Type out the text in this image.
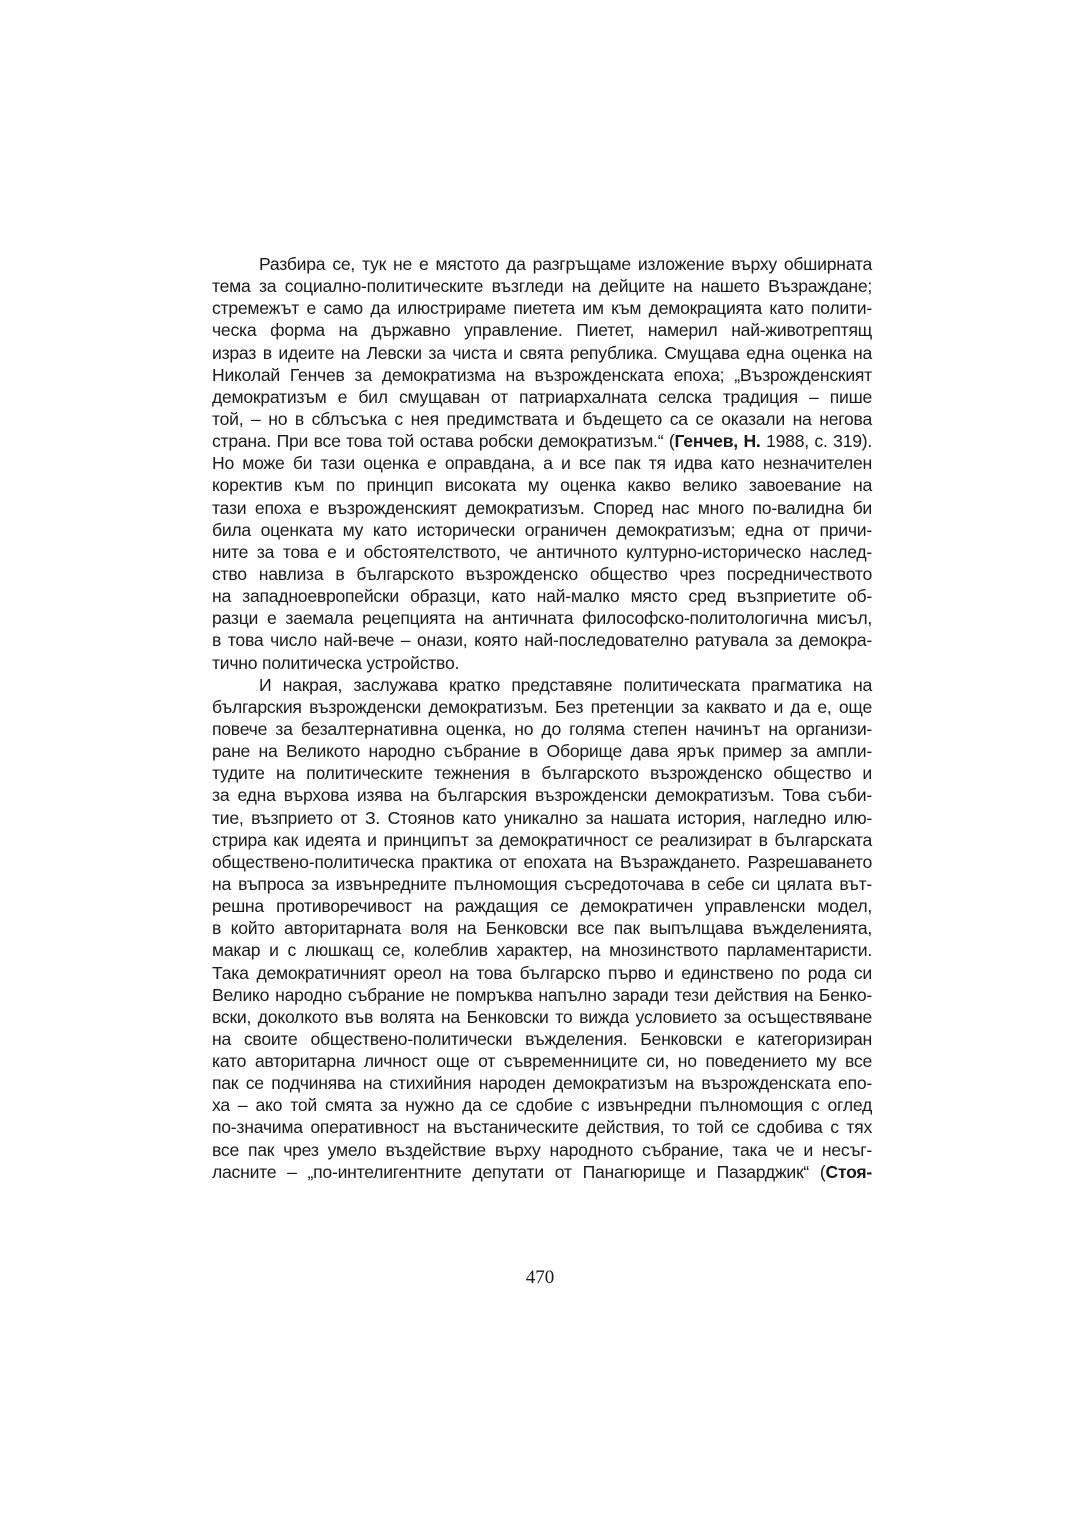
Разбира се, тук не е мястото да разгръщаме изложение върху обширната
тема за социално-политическите възгледи на дейците на нашето Възраждане;
стремежът е само да илюстрираме пиетета им към демокрацията като полити-
ческа форма на държавно управление. Пиетет, намерил най-животрептящ
израз в идеите на Левски за чиста и свята република. Смущава една оценка на
Николай Генчев за демократизма на възрожденската епоха; „Възрожденският
демократизъм е бил смущаван от патриархалната селска традиция – пише
той, – но в сблъсъка с нея предимствата и бъдещето са се оказали на негова
страна. При все това той остава робски демократизъм.“ (Генчев, Н. 1988, с. 319).
Но може би тази оценка е оправдана, а и все пак тя идва като незначителен
коректив към по принцип високата му оценка какво велико завоевание на
тази епоха е възрожденският демократизъм. Според нас много по-валидна би
била оценката му като исторически ограничен демократизъм; една от причи-
ните за това е и обстоятелството, че античното културно-историческо наслед-
ство навлиза в българското възрожденско общество чрез посредничеството
на западноевропейски образци, като най-малко място сред възприетите об-
разци е заемала рецепцията на античната философско-политологична мисъл,
в това число най-вече – онази, която най-последователно ратувала за демокра-
тично политическа устройство.

И накрая, заслужава кратко представяне политическата прагматика на
българския възрожденски демократизъм. Без претенции за каквато и да е, още
повече за безалтернативна оценка, но до голяма степен начинът на организи-
ране на Великото народно събрание в Оборище дава ярък пример за ампли-
тудите на политическите тежнения в българското възрожденско общество и
за една върхова изява на българския възрожденски демократизъм. Това съби-
тие, възприето от З. Стоянов като уникално за нашата история, нагледно илю-
стрира как идеята и принципът за демократичност се реализират в българската
обществено-политическа практика от епохата на Възраждането. Разрешаването
на въпроса за извънредните пълномощия съсредоточава в себе си цялата вът-
решна противоречивост на раждащия се демократичен управленски модел,
в който авторитарната воля на Бенковски все пак выпълщава въжделенията,
макар и с люшкащ се, колеблив характер, на мнозинството парламентаристи.
Така демократичният ореол на това българско първо и единствено по рода си
Велико народно събрание не помръква напълно заради тези действия на Бенко-
вски, доколкото във волята на Бенковски то вижда условието за осъществяване
на своите обществено-политически въжделения. Бенковски е категоризиран
като авторитарна личност още от съвременниците си, но поведението му все
пак се подчинява на стихийния народен демократизъм на възрожденската епо-
ха – ако той смята за нужно да се сдобие с извънредни пълномощия с оглед
по-значима оперативност на въстаническите действия, то той се сдобива с тях
все пак чрез умело въздействие върху народното събрание, така че и несъг-
ласните – „по-интелигентните депутати от Панагюрище и Пазарджик“ (Стоя-

470
